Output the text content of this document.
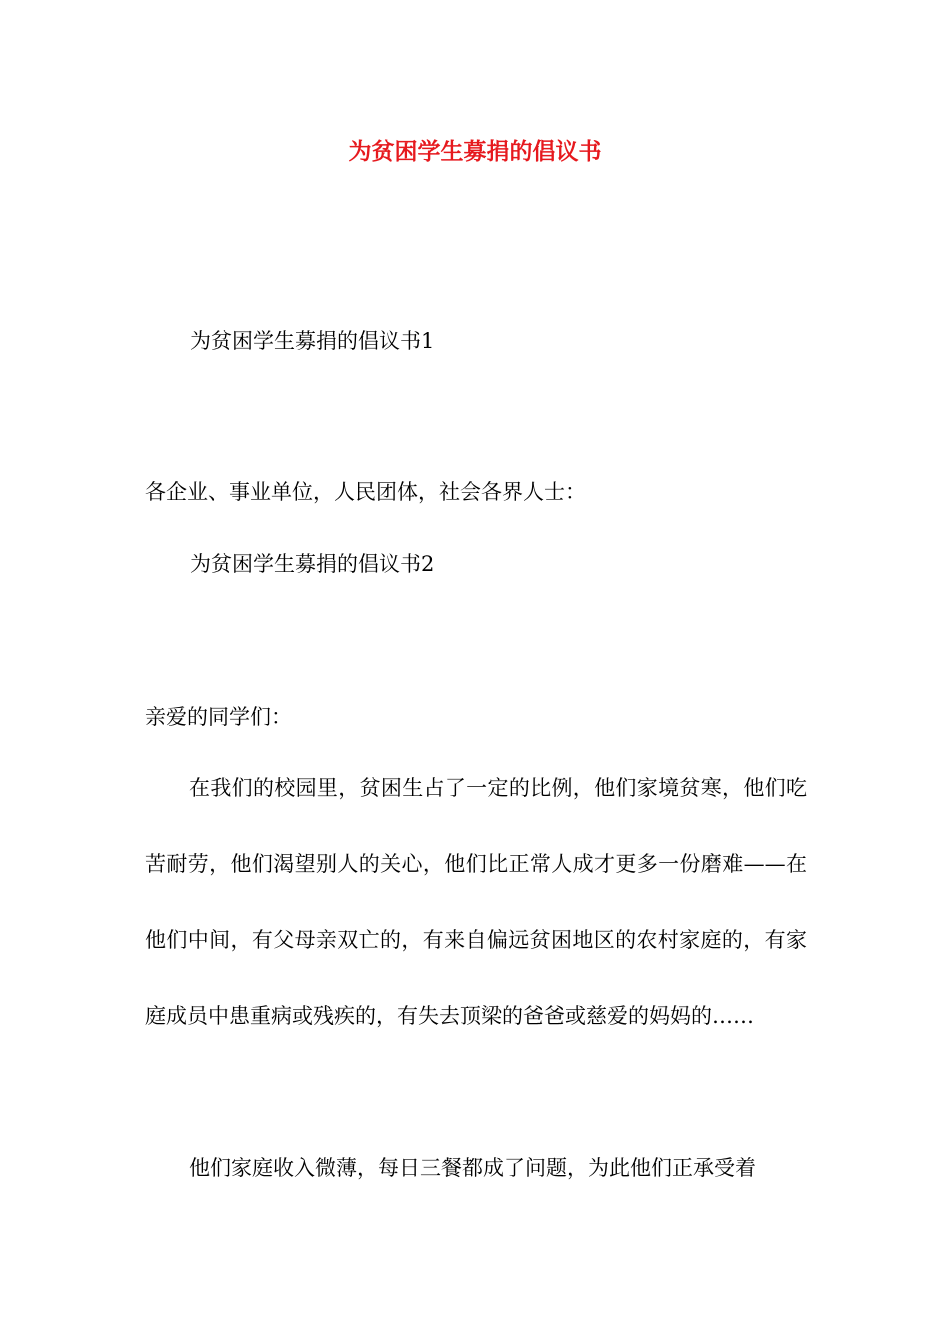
为贫困学生募捐的倡议书
为贫困学生募捐的倡议书1
各企业、事业单位，人民团体，社会各界人士：
为贫困学生募捐的倡议书2
亲爱的同学们：
在我们的校园里，贫困生占了一定的比例，他们家境贫寒，他们吃苦耐劳，他们渴望别人的关心，他们比正常人成才更多一份磨难——在他们中间，有父母亲双亡的，有来自偏远贫困地区的农村家庭的，有家庭成员中患重病或残疾的，有失去顶梁的爸爸或慈爱的妈妈的……
他们家庭收入微薄，每日三餐都成了问题，为此他们正承受着
